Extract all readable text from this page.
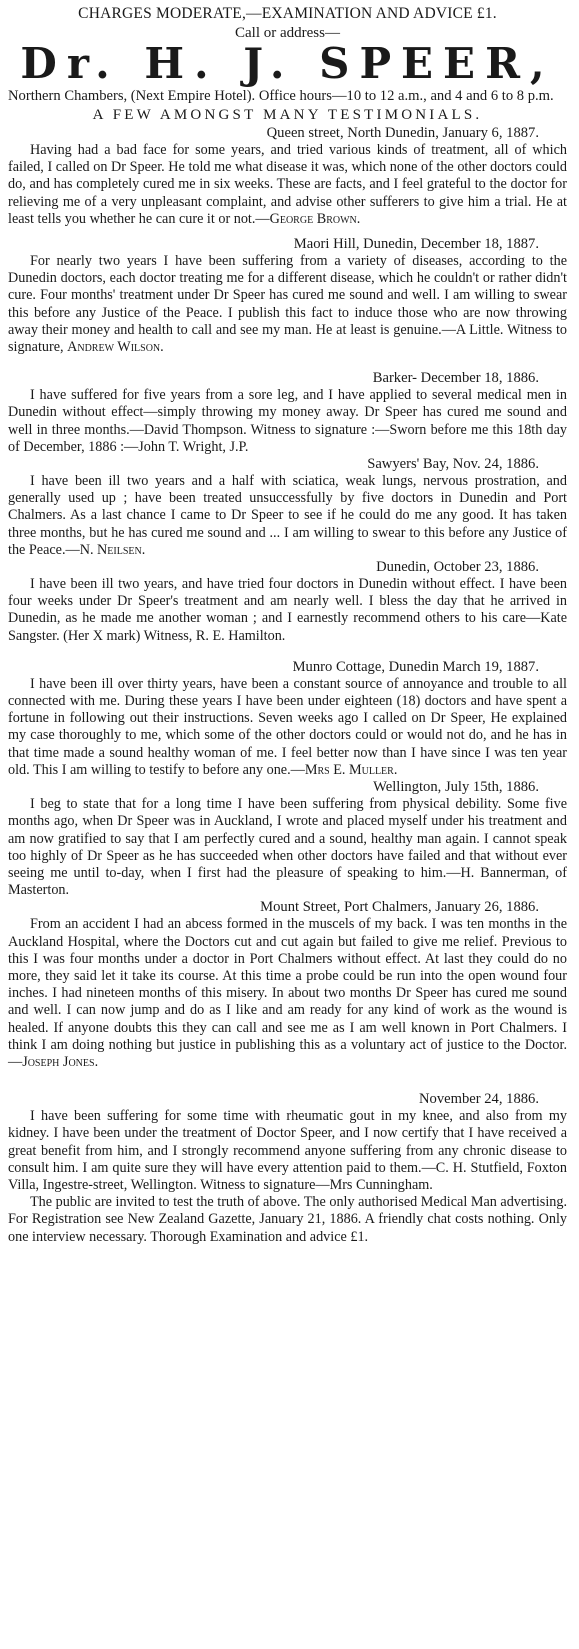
CHARGES MODERATE,—EXAMINATION AND ADVICE £1.

Call or address—

Dr. H. J. SPEER,

Northern Chambers, (Next Empire Hotel). Office hours—10 to 12 a.m., and 4 and 6 to 8 p.m.

A FEW AMONGST MANY TESTIMONIALS.

Queen street, North Dunedin, January 6, 1887.

Having had a bad face for some years, and tried various kinds of treatment, all of which failed, I called on Dr Speer. He told me what disease it was, which none of the other doctors could do, and has completely cured me in six weeks. These are facts, and I feel grateful to the doctor for relieving me of a very unpleasant complaint, and advise other sufferers to give him a trial. He at least tells you whether he can cure it or not.—George Brown.

Maori Hill, Dunedin, December 18, 1887.

For nearly two years I have been suffering from a variety of diseases, according to the Dunedin doctors, each doctor treating me for a different disease, which he couldn't or rather didn't cure. Four months' treatment under Dr Speer has cured me sound and well. I am willing to swear this before any Justice of the Peace. I publish this fact to induce those who are now throwing away their money and health to call and see my man. He at least is genuine.—A Little. Witness to signature, Andrew Wilson.

Barker- December 18, 1886.

I have suffered for five years from a sore leg, and I have applied to several medical men in Dunedin without effect—simply throwing my money away. Dr Speer has cured me sound and well in three months.—David Thompson. Witness to signature :—Sworn before me this 18th day of December, 1886 :—John T. Wright, J.P.

Sawyers' Bay, Nov. 24, 1886.

I have been ill two years and a half with sciatica, weak lungs, nervous prostration, and generally used up ; have been treated unsuccessfully by five doctors in Dunedin and Port Chalmers. As a last chance I came to Dr Speer to see if he could do me any good. It has taken three months, but he has cured me sound and ... I am willing to swear to this before any Justice of the Peace.—N. Neilsen.

Dunedin, October 23, 1886.

I have been ill two years, and have tried four doctors in Dunedin without effect. I have been four weeks under Dr Speer's treatment and am nearly well. I bless the day that he arrived in Dunedin, as he made me another woman ; and I earnestly recommend others to his care—Kate Sangster. (Her X mark) Witness, R. E. Hamilton.

Munro Cottage, Dunedin March 19, 1887.

I have been ill over thirty years, have been a constant source of annoyance and trouble to all connected with me. During these years I have been under eighteen (18) doctors and have spent a fortune in following out their instructions. Seven weeks ago I called on Dr Speer, He explained my case thoroughly to me, which some of the other doctors could or would not do, and he has in that time made a sound healthy woman of me. I feel better now than I have since I was ten year old. This I am willing to testify to before any one.—Mrs E. Muller.

Wellington, July 15th, 1886.

I beg to state that for a long time I have been suffering from physical debility. Some five months ago, when Dr Speer was in Auckland, I wrote and placed myself under his treatment and am now gratified to say that I am perfectly cured and a sound, healthy man again. I cannot speak too highly of Dr Speer as he has succeeded when other doctors have failed and that without ever seeing me until to-day, when I first had the pleasure of speaking to him.—H. Bannerman, of Masterton.

Mount Street, Port Chalmers, January 26, 1886.

From an accident I had an abcess formed in the muscels of my back. I was ten months in the Auckland Hospital, where the Doctors cut and cut again but failed to give me relief. Previous to this I was four months under a doctor in Port Chalmers without effect. At last they could do no more, they said let it take its course. At this time a probe could be run into the open wound four inches. I had nineteen months of this misery. In about two months Dr Speer has cured me sound and well. I can now jump and do as I like and am ready for any kind of work as the wound is healed. If anyone doubts this they can call and see me as I am well known in Port Chalmers. I think I am doing nothing but justice in publishing this as a voluntary act of justice to the Doctor.—Joseph Jones.

November 24, 1886.

I have been suffering for some time with rheumatic gout in my knee, and also from my kidney. I have been under the treatment of Doctor Speer, and I now certify that I have received a great benefit from him, and I strongly recommend anyone suffering from any chronic disease to consult him. I am quite sure they will have every attention paid to them.—C. H. Stutfield, Foxton Villa, Ingestre-street, Wellington. Witness to signature—Mrs Cunningham.

The public are invited to test the truth of above. The only authorised Medical Man advertising. For Registration see New Zealand Gazette, January 21, 1886. A friendly chat costs nothing. Only one interview necessary. Thorough Examination and advice £1.
